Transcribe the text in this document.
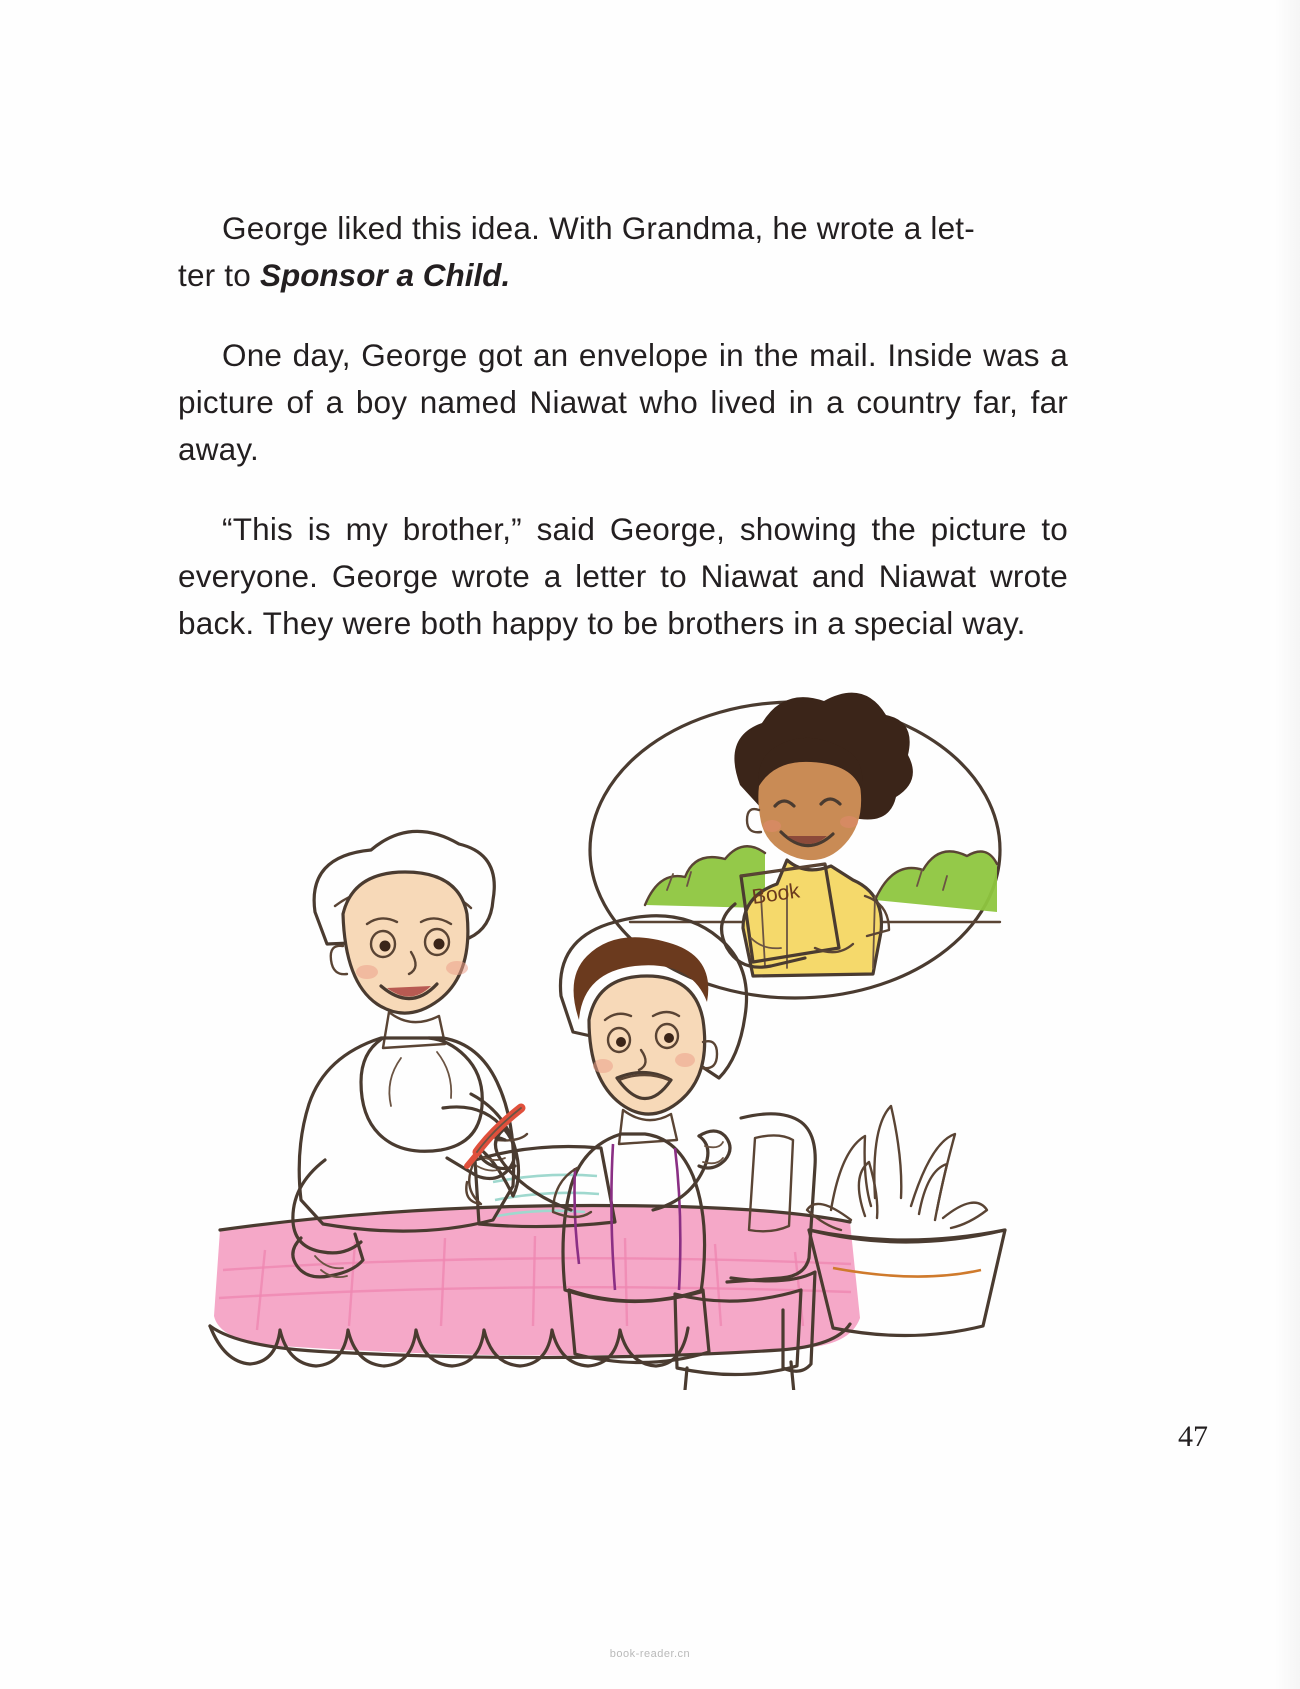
George liked this idea. With Grandma, he wrote a let-
ter to Sponsor a Child.

One day, George got an envelope in the mail. Inside was a picture of a boy named Niawat who lived in a country far, far away.

“This is my brother,” said George, showing the picture to everyone. George wrote a letter to Niawat and Niawat wrote back. They were both happy to be brothers in a special way.

Book
47
book-reader.cn
